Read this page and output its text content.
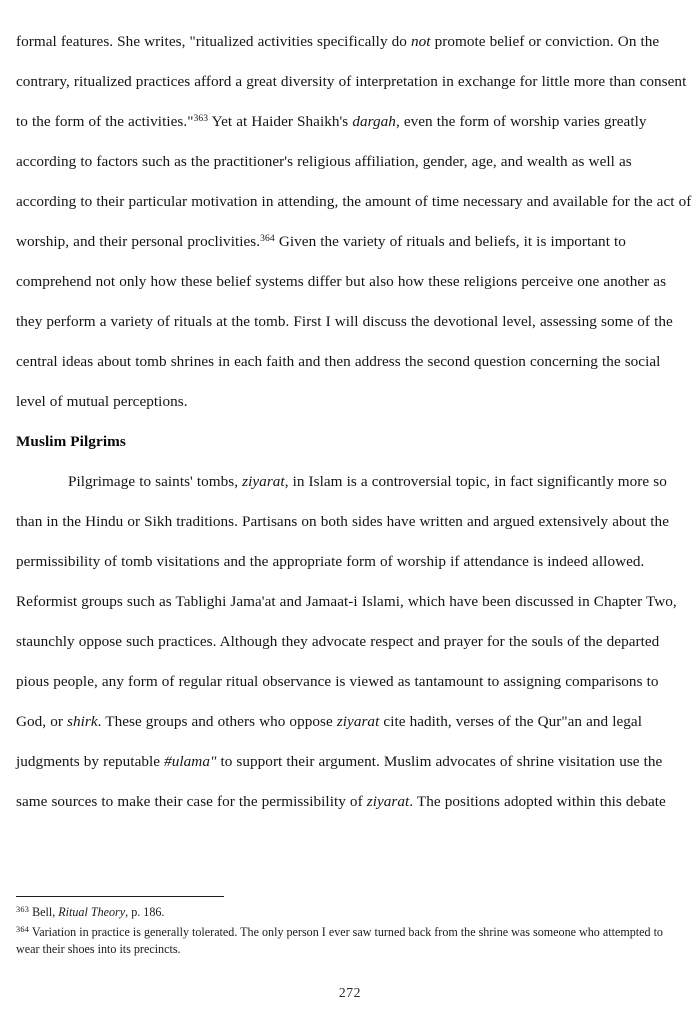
formal features. She writes, "ritualized activities specifically do not promote belief or conviction. On the contrary, ritualized practices afford a great diversity of interpretation in exchange for little more than consent to the form of the activities."$^{363}$ Yet at Haider Shaikh's dargah, even the form of worship varies greatly according to factors such as the practitioner's religious affiliation, gender, age, and wealth as well as according to their particular motivation in attending, the amount of time necessary and available for the act of worship, and their personal proclivities.$^{364}$ Given the variety of rituals and beliefs, it is important to comprehend not only how these belief systems differ but also how these religions perceive one another as they perform a variety of rituals at the tomb. First I will discuss the devotional level, assessing some of the central ideas about tomb shrines in each faith and then address the second question concerning the social level of mutual perceptions.

Muslim Pilgrims

Pilgrimage to saints' tombs, ziyarat, in Islam is a controversial topic, in fact significantly more so than in the Hindu or Sikh traditions. Partisans on both sides have written and argued extensively about the permissibility of tomb visitations and the appropriate form of worship if attendance is indeed allowed. Reformist groups such as Tablighi Jama'at and Jamaat-i Islami, which have been discussed in Chapter Two, staunchly oppose such practices. Although they advocate respect and prayer for the souls of the departed pious people, any form of regular ritual observance is viewed as tantamount to assigning comparisons to God, or shirk. These groups and others who oppose ziyarat cite hadith, verses of the Qur"an and legal judgments by reputable #ulama" to support their argument. Muslim advocates of shrine visitation use the same sources to make their case for the permissibility of ziyarat. The positions adopted within this debate

$^{363}$ Bell, Ritual Theory, p. 186.

$^{364}$ Variation in practice is generally tolerated. The only person I ever saw turned back from the shrine was someone who attempted to wear their shoes into its precincts.

272
